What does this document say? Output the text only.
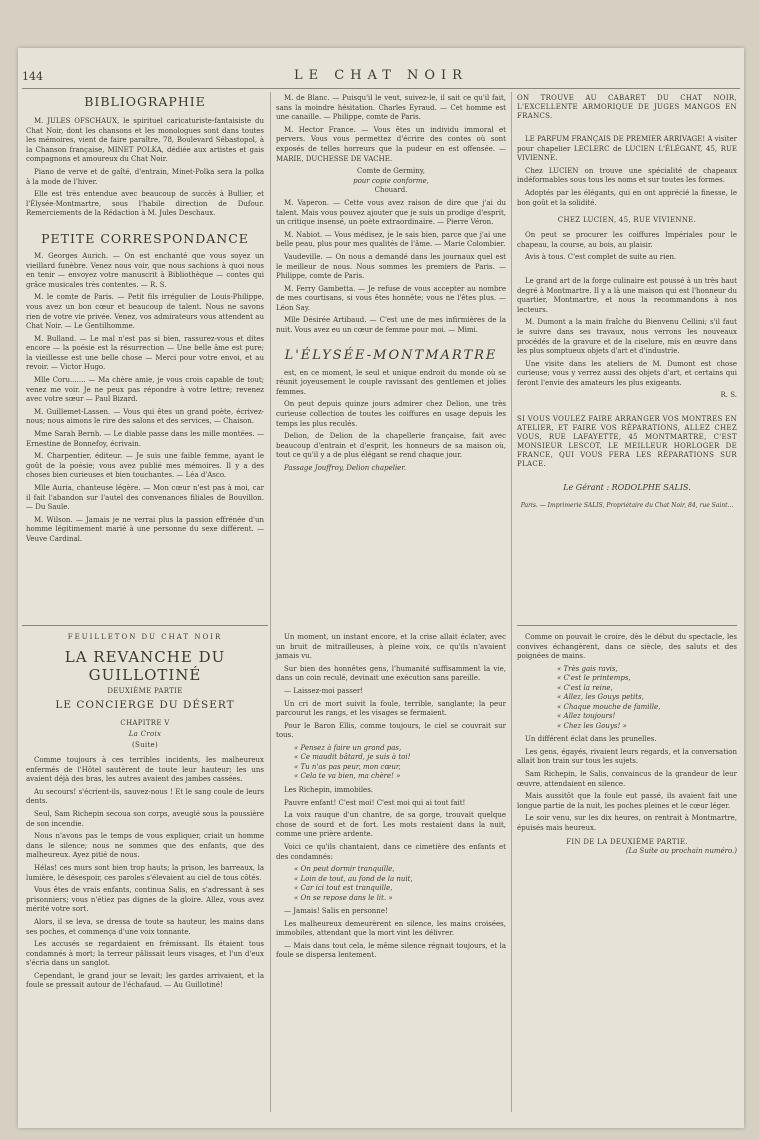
144	LE CHAT NOIR
BIBLIOGRAPHIE

M. JULES OFSCHAUX, le spirituel caricaturiste-fantaisiste du Chat Noir, dont les chansons et les monologues sont dans toutes les mémoires, vient de faire paraître, 78, Boulevard Sébastopol, à la Chanson française, MINET POLKA, dédiée aux artistes et gais compagnons et amoureux du Chat Noir.

Piano de verve et de gaîté, d'entrain, Minet-Polka sera la polka à la mode de l'hiver.

Elle est très entendue avec beaucoup de succès à Bullier, et l'Élysée-Montmartre, sous l'habile direction de Dufour. Remerciements de la Rédaction à M. Jules Deschaux.

PETITE CORRESPONDANCE

M. Georges Aurich. — On est enchanté que vous soyez un vieillard funèbre. Venez nous voir, que nous sachions à quoi nous en tenir — envoyez votre manuscrit à Bibliothèque — contes qui grâce musicales très contentes. — R. S.

M. le comte de Paris. — Petit fils irrégulier de Louis-Philippe, vous avez un bon cœur et beaucoup de talent. Nous ne savons rien de votre vie privée. Venez, vos admirateurs vous attendent au Chat Noir. — Le Gentilhomme.

M. Bulland. — Le mal n'est pas si bien, rassurez-vous et dites encore — la poésie est la résurrection — Une belle âme est pure; la vieillesse est une belle chose — Merci pour votre envoi, et au revoir. — Victor Hugo.

Mlle Coru....... — Ma chère amie, je vous crois capable de tout; venez me voir. Je ne peux pas répondre à votre lettre; revenez avec votre sœur — Paul Bizard.

M. Guillemet-Lassen. — Vous qui êtes un grand poète, écrivez-nous; nous aimons le rire des salons et des services, — Chaison.

Mme Sarah Bernh. — Le diable passe dans les mille montées. — Ernestine de Bonnefoy, écrivain.

M. Charpentier, éditeur. — Je suis une faible femme, ayant le goût de la poésie; vous avez publié mes mémoires. Il y a des choses bien curieuses et bien touchantes. — Léa d'Asco.

Mlle Auria, chanteuse légère. — Mon cœur n'est pas à moi, car il fait l'abandon sur l'autel des convenances filiales de Bouvillon. — Du Saule.

M. Wilson. — Jamais je ne verrai plus la passion effrénée d'un homme légitimement marié à une personne du sexe différent. — Veuve Cardinal.

FEUILLETON DU CHAT NOIR
LA REVANCHE DU GUILLOTINÉ
DEUXIÈME PARTIE
LE CONCIERGE DU DÉSERT
CHAPITRE V
La Croix
(Suite)

Comme toujours à ces terribles incidents, les malheureux enfermés de l'Hôtel sautèrent de toute leur hauteur; les uns avaient déjà des bras, les autres avaient des jambes cassées.

Au secours! s'écrient-ils, sauvez-nous ! Et le sang coule de leurs dents.

Seul, Sam Richepin secoua son corps, aveuglé sous la poussière de son incendie.

Nous n'avons pas le temps de vous expliquer, criait un homme dans le silence; nous ne sommes que des enfants, que des malheureux. Ayez pitié de nous.

Hélas! ces murs sont bien trop hauts; la prison, les barreaux, la lumière, le désespoir, ces paroles s'élevaient au ciel de tous côtés.

Vous êtes de vrais enfants, continua Salis, en s'adressant à ses prisonniers; vous n'étiez pas dignes de la gloire. Allez, vous avez mérité votre sort.

Alors, il se leva, se dressa de toute sa hauteur, les mains dans ses poches, et commença d'une voix tonnante.

Les accusés se regardaient en frémissant. Ils étaient tous condamnés à mort; la terreur pâlissait leurs visages, et l'un d'eux s'écria dans un sanglot.

Cependant, le grand jour se levait; les gardes arrivaient, et la foule se pressait autour de l'échafaud. — Au Guillotiné!

M. de Blanc. — Puisqu'il le veut, suivez-le, il sait ce qu'il fait, sans la moindre hésitation. Charles Eyraud. — Cet homme est une canaille. — Philippe, comte de Paris.

M. Hector France. — Vous êtes un individu immoral et pervers. Vous vous permettez d'écrire des contes où sont exposés de telles horreurs que la pudeur en est offensée. — MARIE, DUCHESSE DE VACHE.

Comte de Germiny,
pour copie conforme,
Chouard.

M. Vaperon. — Cette vous avez raison de dire que j'ai du talent. Mais vous pouvez ajouter que je suis un prodige d'esprit, un critique insensé, un poète extraordinaire. — Pierre Véron.

M. Nabiot. — Vous médisez, je le sais bien, parce que j'ai une belle peau, plus pour mes qualités de l'âme. — Marie Colombier.

Vaudeville. — On nous a demandé dans les journaux quel est le meilleur de nous. Nous sommes les premiers de Paris. — Philippe, comte de Paris.

M. Ferry Gambetta. — Je refuse de vous accepter au nombre de mes courtisans, si vous êtes honnête; vous ne l'êtes plus. — Léon Say.

Mlle Désirée Artibaud. — C'est une de mes infirmières de la nuit. Vous avez eu un cœur de femme pour moi. — Mimi.

L'ÉLYSÉE-MONTMARTRE

est, en ce moment, le seul et unique endroit du monde où se réunit joyeusement le couple ravissant des gentlemen et jolies femmes.

On peut depuis quinze jours admirer chez Delion, une très curieuse collection de toutes les coiffures en usage depuis les temps les plus reculés.

Delion, de Delion de la chapellerie française, fait avec beaucoup d'entrain et d'esprit, les honneurs de sa maison où, tout ce qu'il y a de plus élégant se rend chaque jour.

Passage Jouffroy, Delion chapelier.

Un moment, un instant encore, et la crise allait éclater, avec un bruit de mitrailleuses, à pleine voix, ce qu'ils n'avaient jamais vu.

Sur bien des honnêtes gens, l'humanité suffisamment la vie, dans un coin reculé, devinait une exécution sans pareille.

— Laissez-moi passer!

Un cri de mort suivit la foule, terrible, sanglante; la peur parcourut les rangs, et les visages se fermaient.

Pour le Baron Ellis, comme toujours, le ciel se couvrait sur tous.

« Pensez à faire un grand pas,
« Ce maudit bâtard, je suis à toi!
« Tu n'as pas peur, mon cœur,
« Cela te va bien, ma chère! »

Les Richepin, immobiles.

Pauvre enfant! C'est moi! C'est moi qui ai tout fait!

La voix rauque d'un chantre, de sa gorge, trouvait quelque chose de sourd et de fort. Les mots restaient dans la nuit, comme une prière ardente.

Voici ce qu'ils chantaient, dans ce cimetière des enfants et des condamnés:

« On peut dormir tranquille,
« Loin de tout, au fond de la nuit,
« Car ici tout est tranquille,
« On se repose dans le lit. »

— Jamais! Salis en personne!

Les malheureux demeurèrent en silence, les mains croisées, immobiles, attendant que la mort vint les délivrer.

— Mais dans tout cela, le même silence régnait toujours, et la foule se dispersa lentement.

ON TROUVE AU CABARET DU CHAT NOIR, L'EXCELLENTE ARMORIQUE DE JUGES MANGOS EN FRANCS.

LE PARFUM FRANÇAIS DE PREMIER ARRIVAGE! A visiter pour chapelier LECLERC de LUCIEN L'ÉLÉGANT, 45, RUE VIVIENNE.

Chez LUCIEN on trouve une spécialité de chapeaux indéformables sous tous les noms et sur toutes les formes.

Adoptés par les élégants, qui en ont apprécié la finesse, le bon goût et la solidité.

CHEZ LUCIEN, 45, RUE VIVIENNE.

On peut se procurer les coiffures Impériales pour le chapeau, la course, au bois, au plaisir.

Avis à tous. C'est complet de suite au rien.

Le grand art de la forge culinaire est poussé à un très haut degré à Montmartre. Il y a là une maison qui est l'honneur du quartier, Montmartre, et nous la recommandons à nos lecteurs.

M. Dumont a la main fraîche du Bienvenu Cellini; s'il faut le suivre dans ses travaux, nous verrons les nouveaux procédés de la gravure et de la ciselure, mis en œuvre dans les plus somptueux objets d'art et d'industrie.

Une visite dans les ateliers de M. Dumont est chose curieuse; vous y verrez aussi des objets d'art, et certains qui feront l'envie des amateurs les plus exigeants.

R. S.
SI VOUS VOULEZ FAIRE ARRANGER VOS MONTRES EN ATELIER, ET FAIRE VOS RÉPARATIONS, ALLEZ CHEZ VOUS, RUE LAFAYETTE, 45 MONTMARTRE, C'EST MONSIEUR LESCOT, LE MEILLEUR HORLOGER DE FRANCE, QUI VOUS FERA LES RÉPARATIONS SUR PLACE.
Le Gérant : RODOLPHE SALIS.
Paris. — Imprimerie SALIS, Propriétaire du Chat Noir, 84, rue Saint...

Comme on pouvait le croire, dès le début du spectacle, les convives échangèrent, dans ce siècle, des saluts et des poignées de mains.

« Très gais ravis,
« C'est le printemps,
« C'est la reine,
« Allez, les Gouys petits,
« Chaque mouche de famille,
« Allez toujours!
« Chez les Gouys! »

Un différent éclat dans les prunelles.

Les gens, égayés, rivaient leurs regards, et la conversation allait bon train sur tous les sujets.

Sam Richepin, le Salis, convaincus de la grandeur de leur œuvre, attendaient en silence.

Mais aussitôt que la foule eut passé, ils avaient fait une longue partie de la nuit, les poches pleines et le cœur léger.

Le soir venu, sur les dix heures, on rentrait à Montmartre, épuisés mais heureux.

FIN DE LA DEUXIÈME PARTIE.
(La Suite au prochain numéro.)
